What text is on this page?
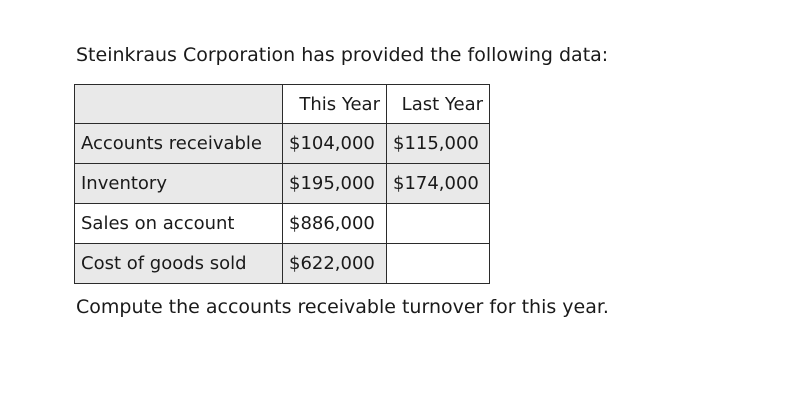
Steinkraus Corporation has provided the following data:
	This Year	Last Year
Accounts receivable	$104,000	$115,000
Inventory	$195,000	$174,000
Sales on account	$886,000	
Cost of goods sold	$622,000	
Compute the accounts receivable turnover for this year.
